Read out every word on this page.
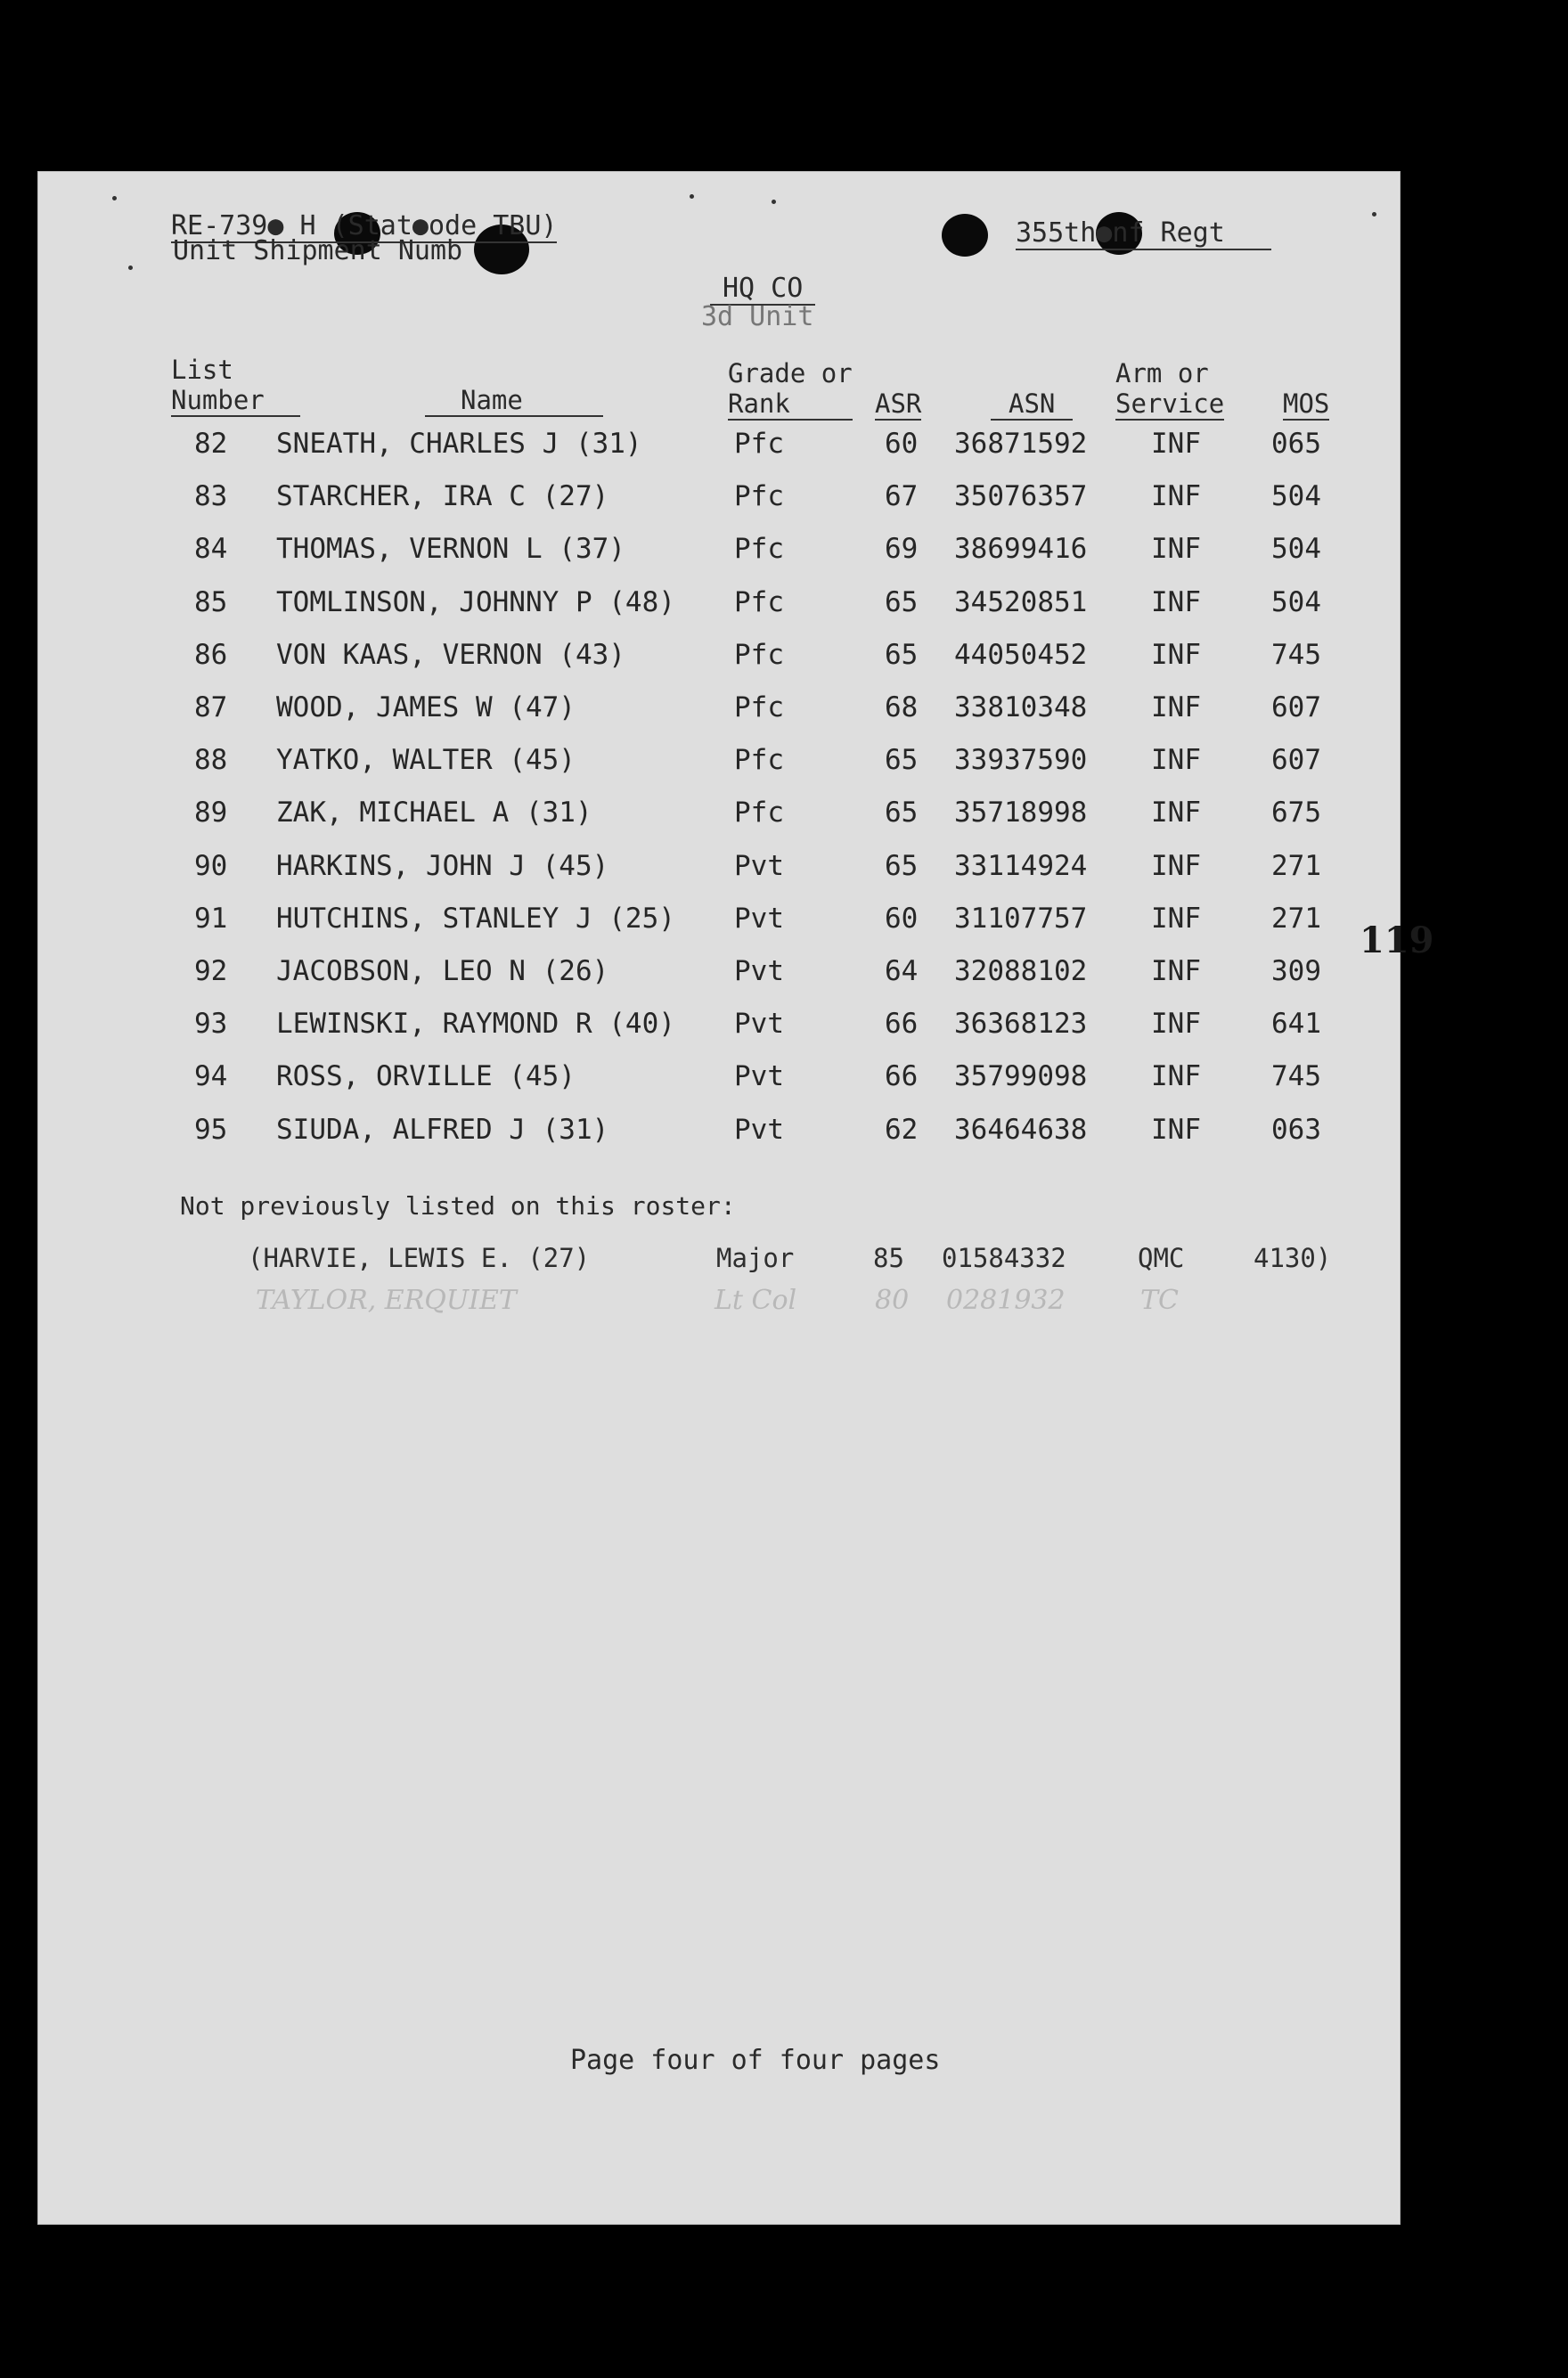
RE-739● H (Stat●ode TBU)
Unit Shipment Numb
355th●nf Regt
HQ CO
3d Unit
List
Number	Name
Grade or
Rank	ASR	ASN
Arm or
Service MOS
82 SNEATH, CHARLES J (31)	Pfc	60 36871592 INF	065
83 STARCHER, IRA C (27)	Pfc	67 35076357 INF	504
84 THOMAS, VERNON L (37)	Pfc	69 38699416 INF	504
85 TOMLINSON, JOHNNY P (48) Pfc	65 34520851 INF	504
86 VON KAAS, VERNON (43)	Pfc	65 44050452 INF	745
87 WOOD, JAMES W (47)	Pfc	68 33810348 INF	607
88 YATKO, WALTER (45)	Pfc	65 33937590 INF	607
89 ZAK, MICHAEL A (31)	Pfc	65 35718998 INF	675
90 HARKINS, JOHN J (45)	Pvt	65 33114924 INF	271
91 HUTCHINS, STANLEY J (25) Pvt	60 31107757 INF	271
92 JACOBSON, LEO N (26)	Pvt	64 32088102 INF	309
93 LEWINSKI, RAYMOND R (40) Pvt	66 36368123 INF	641
94 ROSS, ORVILLE (45)	Pvt	66 35799098 INF	745
95 SIUDA, ALFRED J (31)	Pvt	62 36464638 INF	063
119
Not previously listed on this roster:
(HARVIE, LEWIS E. (27)	Major	85 01584332	QMC	4130)
TAYLOR, ERQUIET	Lt Col	80 0281932	TC
Page four of four pages
